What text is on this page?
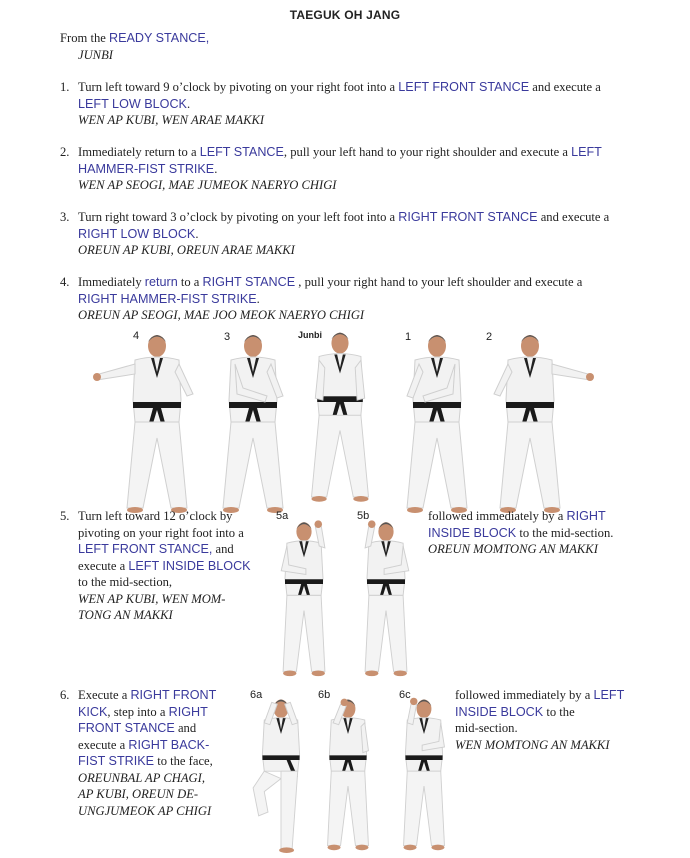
TAEGUK OH JANG
From the READY STANCE,
JUNBI
1. Turn left toward 9 o’clock by pivoting on your right foot into a LEFT FRONT STANCE and execute a
LEFT LOW BLOCK.
WEN AP KUBI, WEN ARAE MAKKI
2. Immediately return to a LEFT STANCE, pull your left hand to your right shoulder and execute a LEFT
HAMMER-FIST STRIKE.
WEN AP SEOGI, MAE JUMEOK NAERYO CHIGI
3. Turn right toward 3 o’clock by pivoting on your left foot into a RIGHT FRONT STANCE and execute a
RIGHT LOW BLOCK.
OREUN AP KUBI, OREUN ARAE MAKKI
4. Immediately return to a RIGHT STANCE , pull your right hand to your left shoulder and execute a
RIGHT HAMMER-FIST STRIKE.
OREUN AP SEOGI, MAE JOO MEOK NAERYO CHIGI
4	3	Junbi	1	2
5. Turn left toward 12 o’clock by
pivoting on your right foot into a
LEFT FRONT STANCE, and
execute a LEFT INSIDE BLOCK
to the mid-section,
WEN AP KUBI, WEN MOM-
TONG AN MAKKI
5a	5b	followed immediately by a RIGHT
INSIDE BLOCK to the mid-section.
OREUN MOMTONG AN MAKKI
6. Execute a RIGHT FRONT
KICK, step into a RIGHT
FRONT STANCE and
execute a RIGHT BACK-
FIST STRIKE to the face,
OREUNBAL AP CHAGI,
AP KUBI, OREUN DE-
UNGJUMEOK AP CHIGI
6a	6b	6c	followed immediately by a LEFT
INSIDE BLOCK to the
mid-section.
WEN MOMTONG AN MAKKI
